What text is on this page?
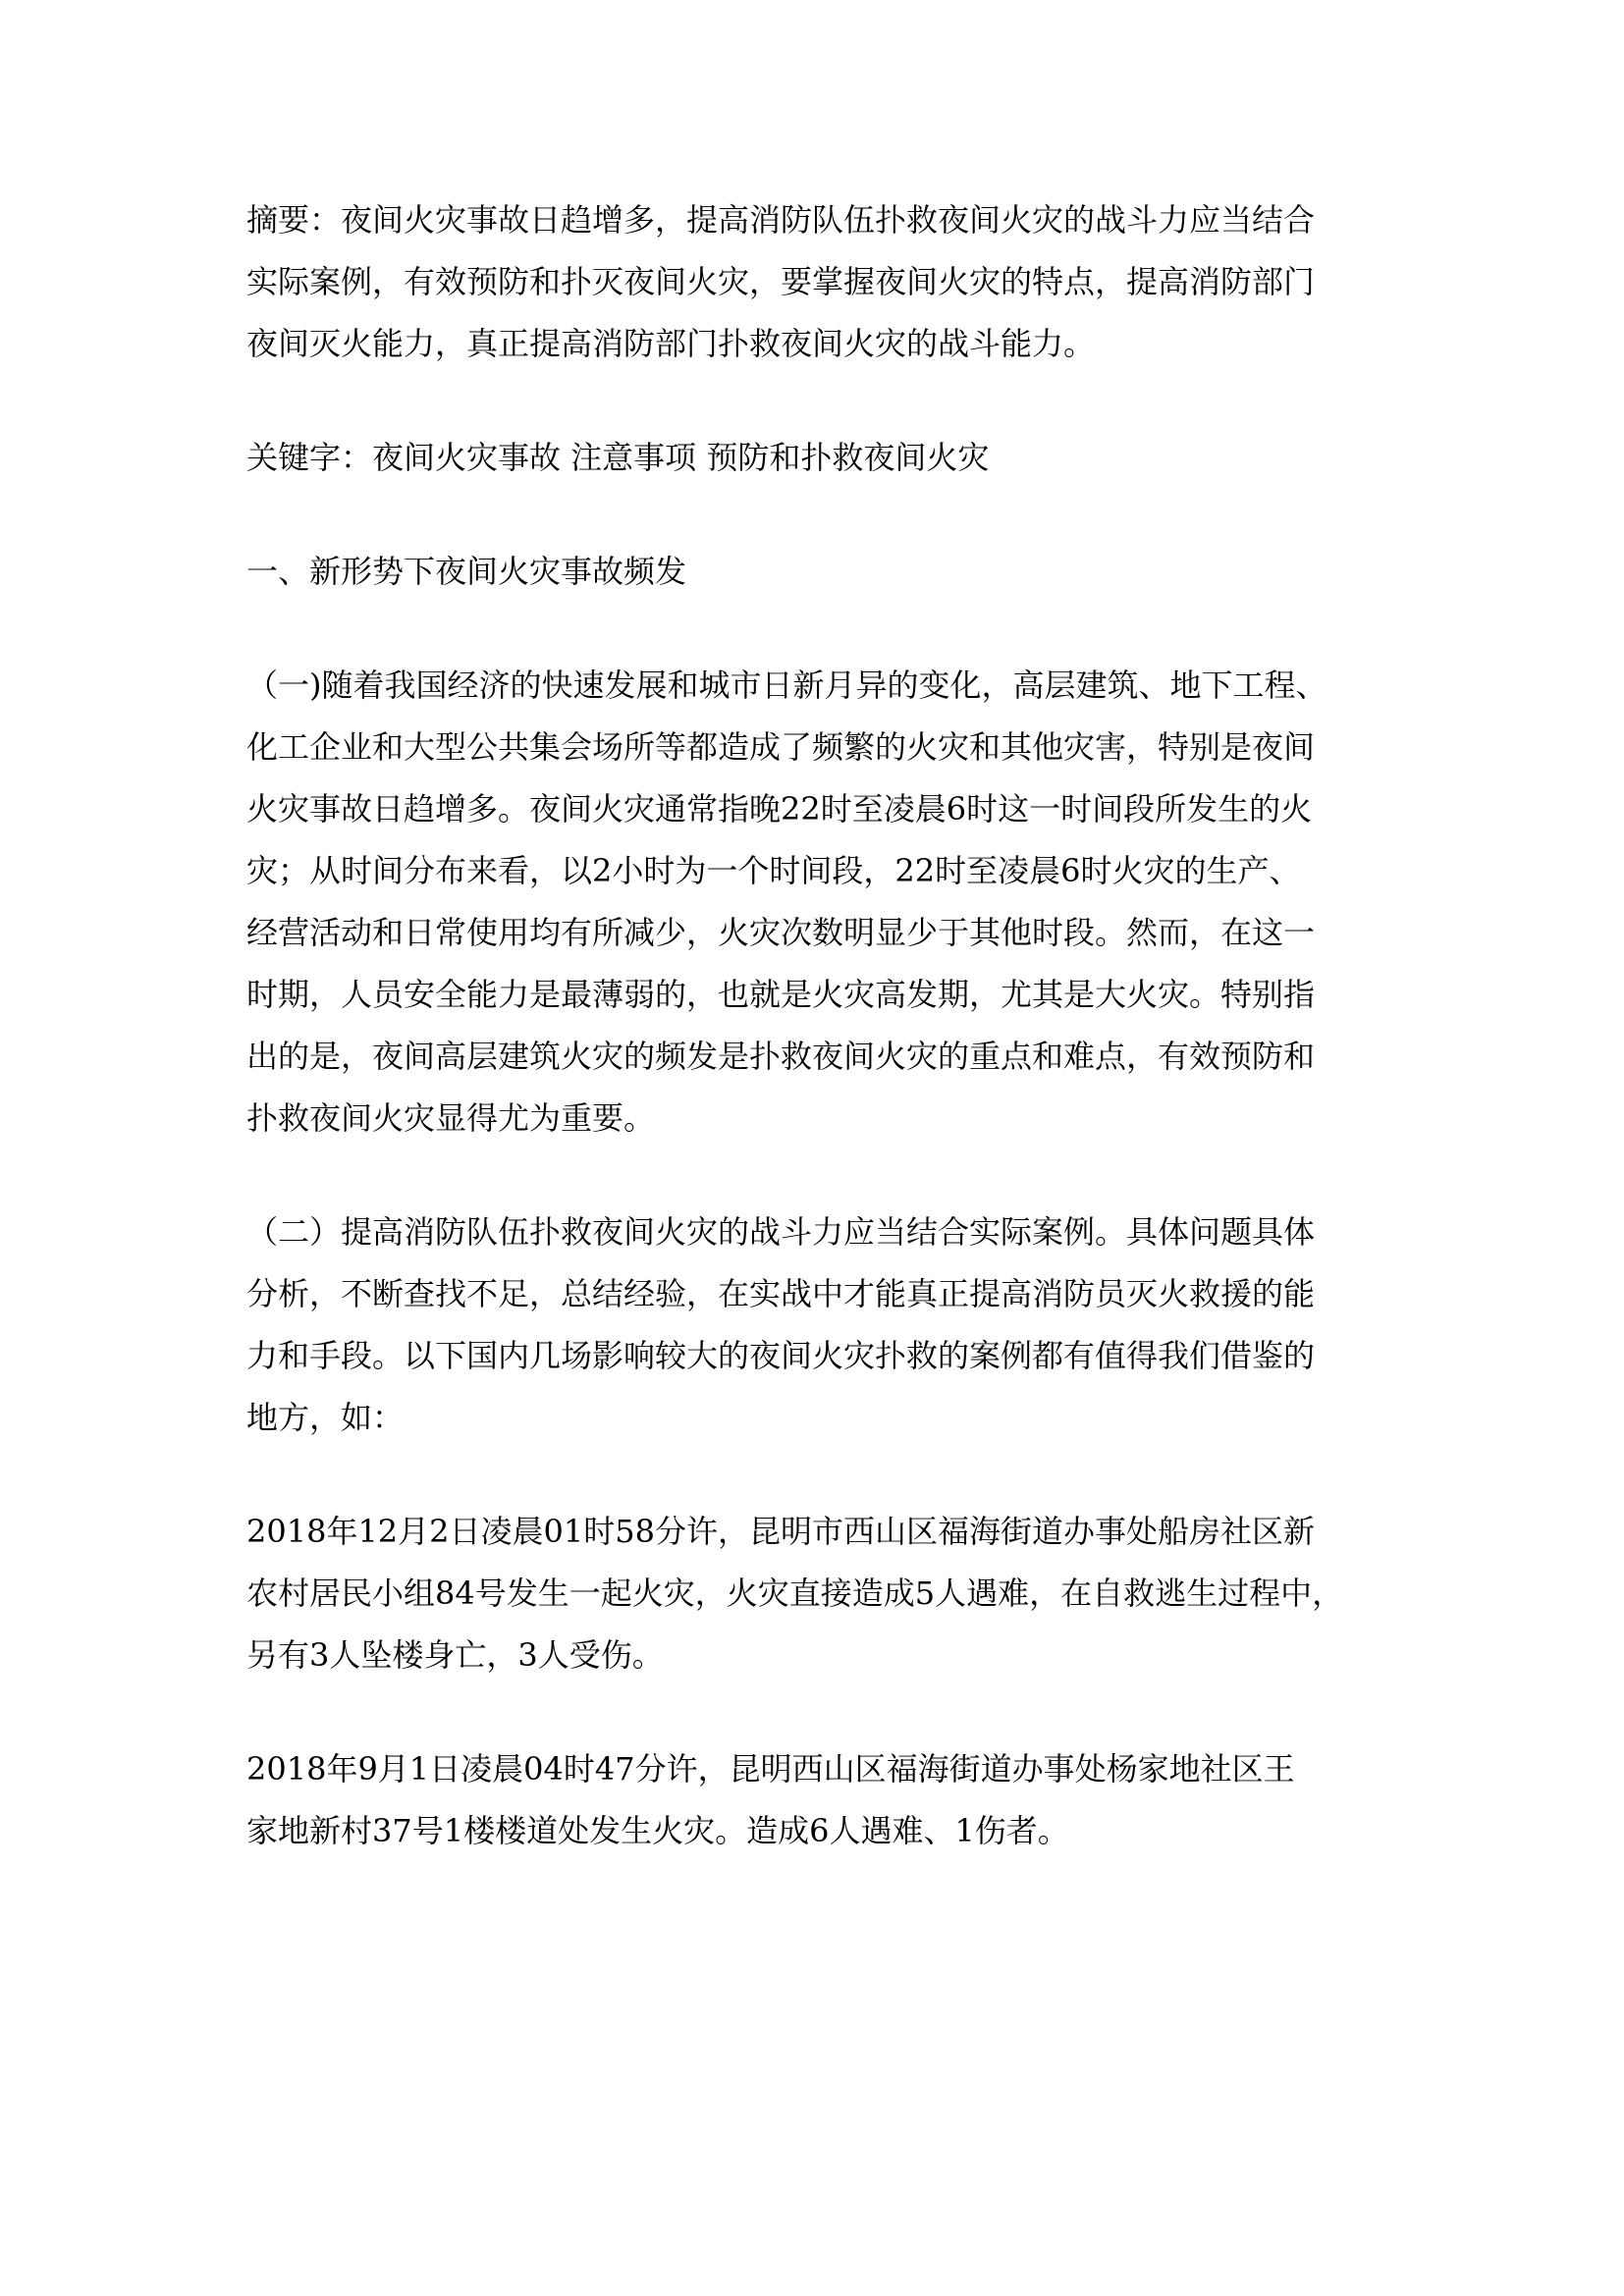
摘要：夜间火灾事故日趋增多，提高消防队伍扑救夜间火灾的战斗力应当结合
实际案例，有效预防和扑灭夜间火灾，要掌握夜间火灾的特点，提高消防部门
夜间灭火能力，真正提高消防部门扑救夜间火灾的战斗能力。
关键字：夜间火灾事故 注意事项 预防和扑救夜间火灾
一、新形势下夜间火灾事故频发
（一)随着我国经济的快速发展和城市日新月异的变化，高层建筑、地下工程、
化工企业和大型公共集会场所等都造成了频繁的火灾和其他灾害，特别是夜间
火灾事故日趋增多。夜间火灾通常指晚22时至凌晨6时这一时间段所发生的火
灾；从时间分布来看，以2小时为一个时间段，22时至凌晨6时火灾的生产、
经营活动和日常使用均有所减少，火灾次数明显少于其他时段。然而，在这一
时期，人员安全能力是最薄弱的，也就是火灾高发期，尤其是大火灾。特别指
出的是，夜间高层建筑火灾的频发是扑救夜间火灾的重点和难点，有效预防和
扑救夜间火灾显得尤为重要。
（二）提高消防队伍扑救夜间火灾的战斗力应当结合实际案例。具体问题具体
分析，不断查找不足，总结经验，在实战中才能真正提高消防员灭火救援的能
力和手段。以下国内几场影响较大的夜间火灾扑救的案例都有值得我们借鉴的
地方，如：
2018年12月2日凌晨01时58分许，昆明市西山区福海街道办事处船房社区新
农村居民小组84号发生一起火灾，火灾直接造成5人遇难，在自救逃生过程中，
另有3人坠楼身亡，3人受伤。
2018年9月1日凌晨04时47分许，昆明西山区福海街道办事处杨家地社区王
家地新村37号1楼楼道处发生火灾。造成6人遇难、1伤者。
